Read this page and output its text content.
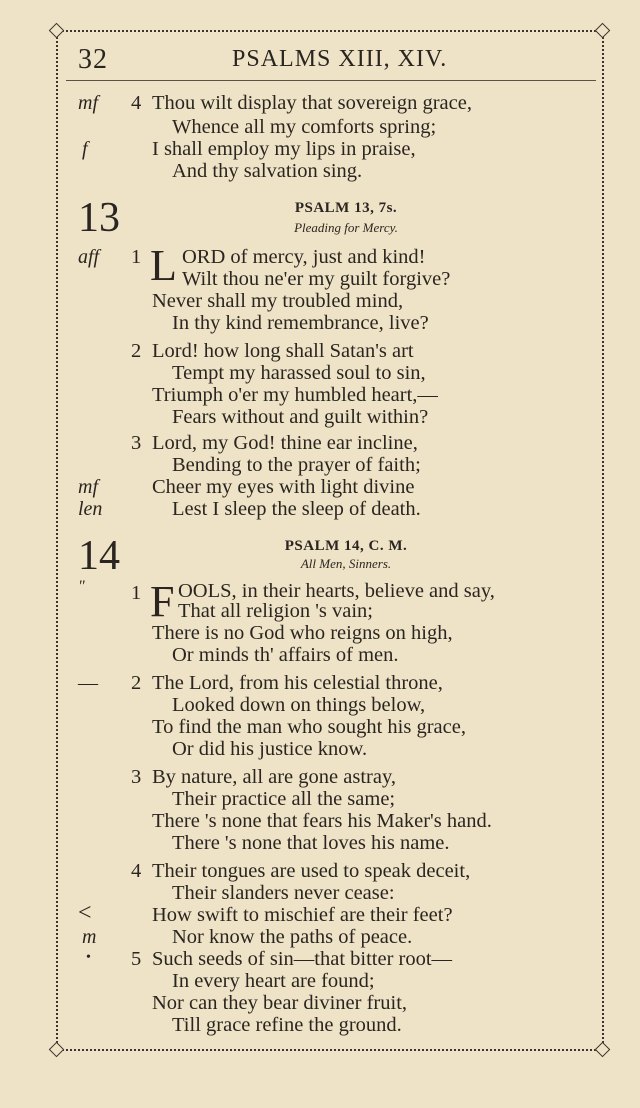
32	PSALMS XIII, XIV.
mf 4 Thou wilt display that sovereign grace,
Whence all my comforts spring;
f	I shall employ my lips in praise,
And thy salvation sing.
13	PSALM 13, 7s.
Pleading for Mercy.
aff 1 L ORD of mercy, just and kind!
Wilt thou ne'er my guilt forgive?
Never shall my troubled mind,
In thy kind remembrance, live?
2 Lord! how long shall Satan's art
Tempt my harassed soul to sin,
Triumph o'er my humbled heart,—
Fears without and guilt within?
3 Lord, my God! thine ear incline,
Bending to the prayer of faith;
mf	Cheer my eyes with light divine
len	Lest I sleep the sleep of death.
14	PSALM 14, C. M.
All Men, Sinners.
" 1 F OOLS, in their hearts, believe and say,
That all religion 's vain;
There is no God who reigns on high,
Or minds th' affairs of men.
— 2 The Lord, from his celestial throne,
Looked down on things below,
To find the man who sought his grace,
Or did his justice know.
3 By nature, all are gone astray,
Their practice all the same;
There 's none that fears his Maker's hand.
There 's none that loves his name.
4 Their tongues are used to speak deceit,
Their slanders never cease:
<	How swift to mischief are their feet?
m	Nor know the paths of peace.
• 5 Such seeds of sin—that bitter root—
In every heart are found;
Nor can they bear diviner fruit,
Till grace refine the ground.
